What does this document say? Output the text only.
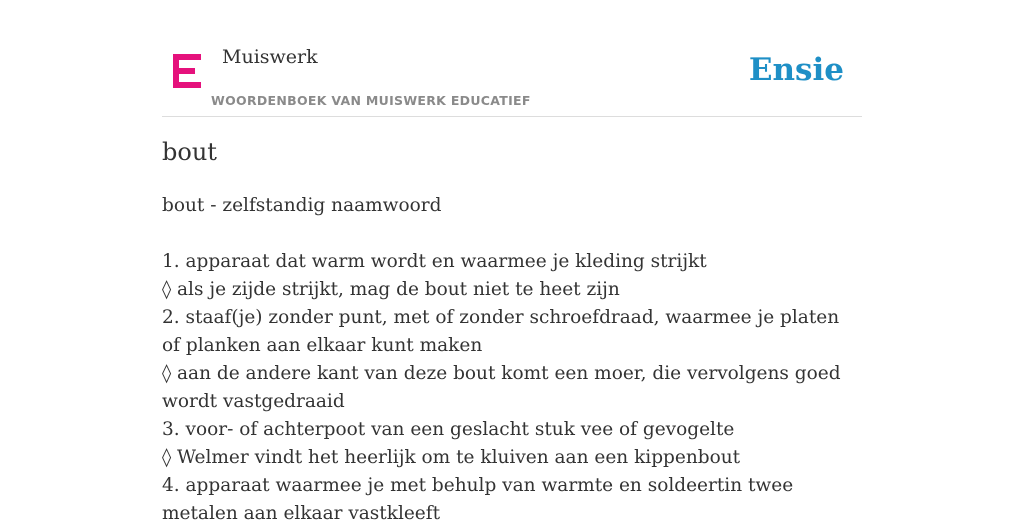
Muiswerk
WOORDENBOEK VAN MUISWERK EDUCATIEF
Ensie
bout

bout - zelfstandig naamwoord

1. apparaat dat warm wordt en waarmee je kleding strijkt

◊ als je zijde strijkt, mag de bout niet te heet zijn

2. staaf(je) zonder punt, met of zonder schroefdraad, waarmee je platen of planken aan elkaar kunt maken

◊ aan de andere kant van deze bout komt een moer, die vervolgens goed wordt vastgedraaid

3. voor- of achterpoot van een geslacht stuk vee of gevogelte

◊ Welmer vindt het heerlijk om te kluiven aan een kippenbout

4. apparaat waarmee je met behulp van warmte en soldeertin twee metalen aan elkaar vastkleeft
